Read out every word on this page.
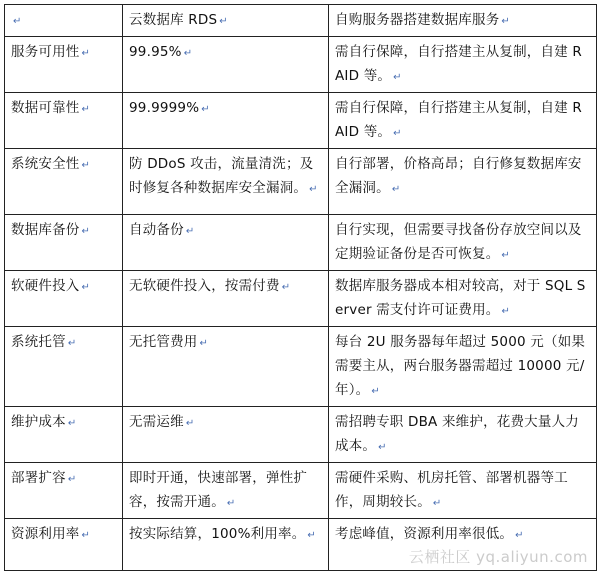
↵	云数据库 RDS ↵	自购服务器搭建数据库服务 ↵
服务可用性 ↵	99.95% ↵	需自行保障，自行搭建主从复制，自建 RAID 等。 ↵
数据可靠性 ↵	99.9999% ↵	需自行保障，自行搭建主从复制，自建 RAID 等。 ↵
系统安全性 ↵	防 DDoS 攻击，流量清洗；及时修复各种数据库安全漏洞。 ↵	自行部署，价格高昂；自行修复数据库安全漏洞。 ↵
数据库备份 ↵	自动备份 ↵	自行实现，但需要寻找备份存放空间以及定期验证备份是否可恢复。 ↵
软硬件投入 ↵	无软硬件投入，按需付费 ↵	数据库服务器成本相对较高，对于 SQL Server 需支付许可证费用。 ↵
系统托管 ↵	无托管费用 ↵	每台 2U 服务器每年超过 5000 元（如果需要主从，两台服务器需超过 10000 元/年）。 ↵
维护成本 ↵	无需运维 ↵	需招聘专职 DBA 来维护，花费大量人力成本。 ↵
部署扩容 ↵	即时开通，快速部署，弹性扩容，按需开通。 ↵	需硬件采购、机房托管、部署机器等工作，周期较长。 ↵
资源利用率 ↵	按实际结算，100%利用率。 ↵	考虑峰值，资源利用率很低。 ↵
云栖社区 yq.aliyun.com
